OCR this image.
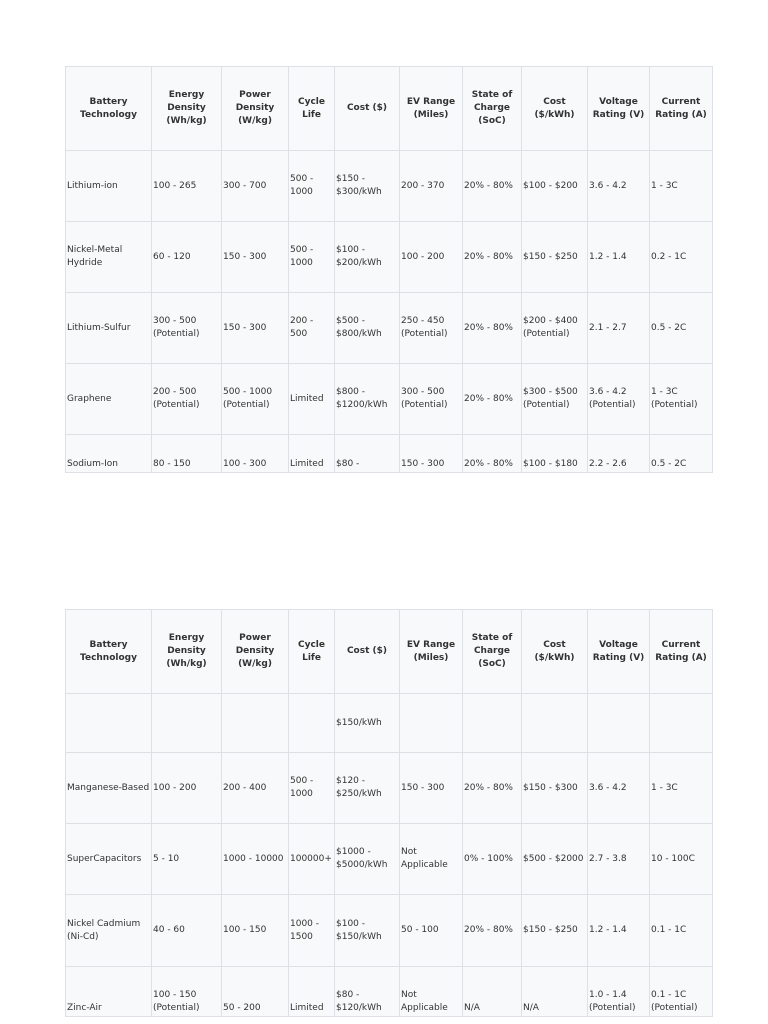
Battery Technology	Energy Density (Wh/kg)	Power Density (W/kg)	Cycle Life	Cost ($)	EV Range (Miles)	State of Charge (SoC)	Cost ($/kWh)	Voltage Rating (V)	Current Rating (A)
Lithium-ion	100 - 265	300 - 700	500 - 1000	$150 - $300/kWh	200 - 370	20% - 80%	$100 - $200	3.6 - 4.2	1 - 3C
Nickel-Metal Hydride	60 - 120	150 - 300	500 - 1000	$100 - $200/kWh	100 - 200	20% - 80%	$150 - $250	1.2 - 1.4	0.2 - 1C
Lithium-Sulfur	300 - 500 (Potential)	150 - 300	200 - 500	$500 - $800/kWh	250 - 450 (Potential)	20% - 80%	$200 - $400 (Potential)	2.1 - 2.7	0.5 - 2C
Graphene	200 - 500 (Potential)	500 - 1000 (Potential)	Limited	$800 - $1200/kWh	300 - 500 (Potential)	20% - 80%	$300 - $500 (Potential)	3.6 - 4.2 (Potential)	1 - 3C (Potential)
Sodium-Ion	80 - 150	100 - 300	Limited	$80 -	150 - 300	20% - 80%	$100 - $180	2.2 - 2.6	0.5 - 2C
Battery Technology	Energy Density (Wh/kg)	Power Density (W/kg)	Cycle Life	Cost ($)	EV Range (Miles)	State of Charge (SoC)	Cost ($/kWh)	Voltage Rating (V)	Current Rating (A)
				$150/kWh					
Manganese-Based	100 - 200	200 - 400	500 - 1000	$120 - $250/kWh	150 - 300	20% - 80%	$150 - $300	3.6 - 4.2	1 - 3C
SuperCapacitors	5 - 10	1000 - 10000	100000+	$1000 - $5000/kWh	Not Applicable	0% - 100%	$500 - $2000	2.7 - 3.8	10 - 100C
Nickel Cadmium (Ni-Cd)	40 - 60	100 - 150	1000 - 1500	$100 - $150/kWh	50 - 100	20% - 80%	$150 - $250	1.2 - 1.4	0.1 - 1C
Zinc-Air	100 - 150 (Potential)	50 - 200	Limited	$80 - $120/kWh	Not Applicable	N/A	N/A	1.0 - 1.4 (Potential)	0.1 - 1C (Potential)
